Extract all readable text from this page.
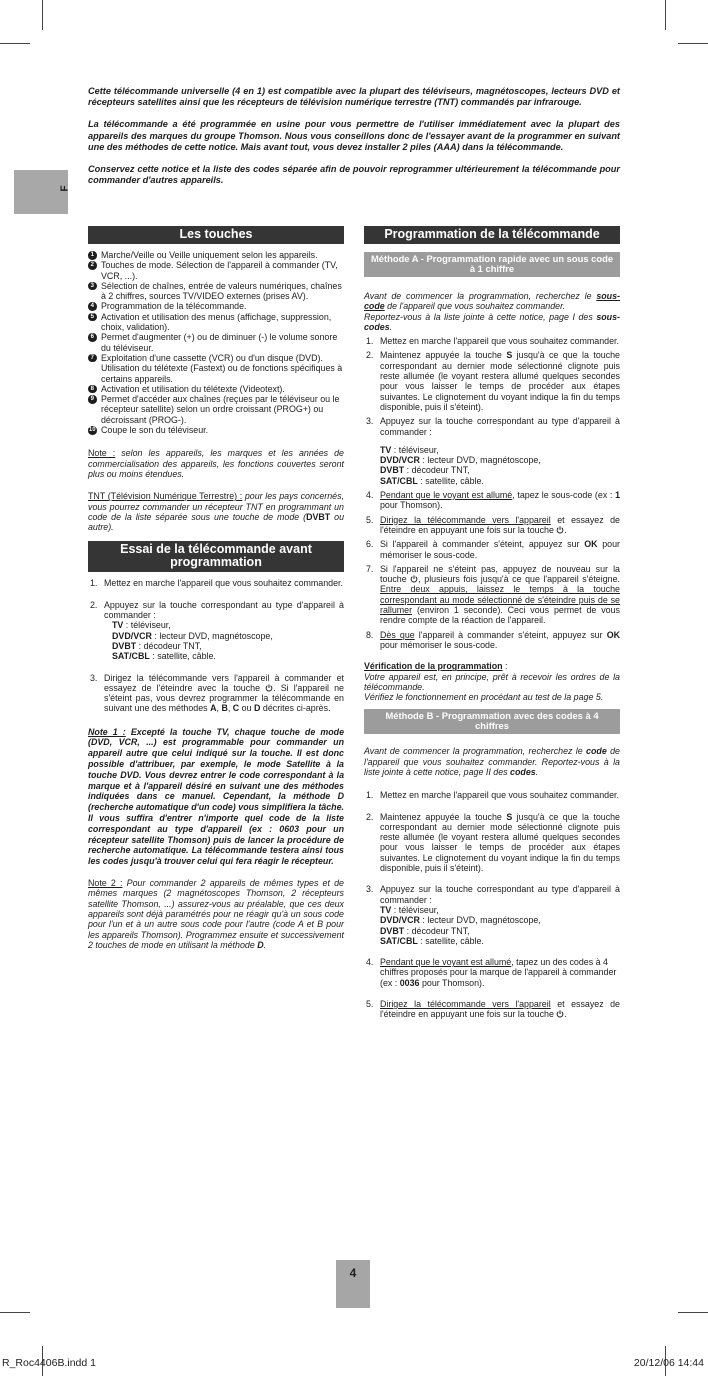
F

Cette télécommande universelle (4 en 1) est compatible avec la plupart des téléviseurs, magnétoscopes, lecteurs DVD et récepteurs satellites ainsi que les récepteurs de télévision numérique terrestre (TNT) commandés par infrarouge.

La télécommande a été programmée en usine pour vous permettre de l'utiliser immédiatement avec la plupart des appareils des marques du groupe Thomson. Nous vous conseillons donc de l'essayer avant de la programmer en suivant une des méthodes de cette notice. Mais avant tout, vous devez installer 2 piles (AAA) dans la télécommande.

Conservez cette notice et la liste des codes séparée afin de pouvoir reprogrammer ultérieurement la télécommande pour commander d'autres appareils.

Les touches
1 Marche/Veille ou Veille uniquement selon les appareils.
2 Touches de mode. Sélection de l'appareil à commander (TV, VCR, ...).
3 Sélection de chaînes, entrée de valeurs numériques, chaînes à 2 chiffres, sources TV/VIDEO externes (prises AV).
4 Programmation de la télécommande.
5 Activation et utilisation des menus (affichage, suppression, choix, validation).
6 Permet d'augmenter (+) ou de diminuer (-) le volume sonore du téléviseur.
7 Exploitation d'une cassette (VCR) ou d'un disque (DVD).
Utilisation du télétexte (Fastext) ou de fonctions spécifiques à certains appareils.
8 Activation et utilisation du télétexte (Videotext).
9 Permet d'accéder aux chaînes (reçues par le téléviseur ou le récepteur satellite) selon un ordre croissant (PROG+) ou décroissant (PROG-).
10 Coupe le son du téléviseur.

Note : selon les appareils, les marques et les années de commercialisation des appareils, les fonctions couvertes seront plus ou moins étendues.

TNT (Télévision Numérique Terrestre) : pour les pays concernés, vous pourrez commander un récepteur TNT en programmant un code de la liste séparée sous une touche de mode (DVBT ou autre).

Essai de la télécommande avant programmation
1. Mettez en marche l'appareil que vous souhaitez commander.
2. Appuyez sur la touche correspondant au type d'appareil à commander :
TV : téléviseur,
DVD/VCR : lecteur DVD, magnétoscope,
DVBT : décodeur TNT,
SAT/CBL : satellite, câble.
3. Dirigez la télécommande vers l'appareil à commander et essayez de l'éteindre avec la touche . Si l'appareil ne s'éteint pas, vous devrez programmer la télécommande en suivant une des méthodes A, B, C ou D décrites ci-après.

Note 1 : Excepté la touche TV, chaque touche de mode (DVD, VCR, ...) est programmable pour commander un appareil autre que celui indiqué sur la touche. Il est donc possible d'attribuer, par exemple, le mode Satellite à la touche DVD. Vous devrez entrer le code correspondant à la marque et à l'appareil désiré en suivant une des méthodes indiquées dans ce manuel. Cependant, la méthode D (recherche automatique d'un code) vous simplifiera la tâche. Il vous suffira d'entrer n'importe quel code de la liste correspondant au type d'appareil (ex : 0603 pour un récepteur satellite Thomson) puis de lancer la procédure de recherche automatique. La télécommande testera ainsi tous les codes jusqu'à trouver celui qui fera réagir le récepteur.

Note 2 : Pour commander 2 appareils de mêmes types et de mêmes marques (2 magnétoscopes Thomson, 2 récepteurs satellite Thomson, ...) assurez-vous au préalable, que ces deux appareils sont déjà paramétrés pour ne réagir qu'à un sous code pour l'un et à un autre sous code pour l'autre (code A et B pour les appareils Thomson). Programmez ensuite et successivement 2 touches de mode en utilisant la méthode D.

Programmation de la télécommande
Méthode A - Programmation rapide avec un sous code à 1 chiffre

Avant de commencer la programmation, recherchez le sous-code de l'appareil que vous souhaitez commander.
Reportez-vous à la liste jointe à cette notice, page I des sous-codes.

1. Mettez en marche l'appareil que vous souhaitez commander.
2. Maintenez appuyée la touche S jusqu'à ce que la touche correspondant au dernier mode sélectionné clignote puis reste allumée (le voyant restera allumé quelques secondes pour vous laisser le temps de procéder aux étapes suivantes. Le clignotement du voyant indique la fin du temps disponible, puis il s'éteint).
3. Appuyez sur la touche correspondant au type d'appareil à commander :
TV : téléviseur,
DVD/VCR : lecteur DVD, magnétoscope,
DVBT : décodeur TNT,
SAT/CBL : satellite, câble.
4. Pendant que le voyant est allumé, tapez le sous-code (ex : 1 pour Thomson).
5. Dirigez la télécommande vers l'appareil et essayez de l'éteindre en appuyant une fois sur la touche .
6. Si l'appareil à commander s'éteint, appuyez sur OK pour mémoriser le sous-code.
7. Si l'appareil ne s'éteint pas, appuyez de nouveau sur la touche , plusieurs fois jusqu'à ce que l'appareil s'éteigne. Entre deux appuis, laissez le temps à la touche correspondant au mode sélectionné de s'éteindre puis de se rallumer (environ 1 seconde). Ceci vous permet de vous rendre compte de la réaction de l'appareil.
8. Dès que l'appareil à commander s'éteint, appuyez sur OK pour mémoriser le sous-code.
Vérification de la programmation :

Votre appareil est, en principe, prêt à recevoir les ordres de la télécommande.

Vérifiez le fonctionnement en procédant au test de la page 5.

Méthode B - Programmation avec des codes à 4 chiffres

Avant de commencer la programmation, recherchez le code de l'appareil que vous souhaitez commander. Reportez-vous à la liste jointe à cette notice, page II des codes.

1. Mettez en marche l'appareil que vous souhaitez commander.
2. Maintenez appuyée la touche S jusqu'à ce que la touche correspondant au dernier mode sélectionné clignote puis reste allumée (le voyant restera allumé quelques secondes pour vous laisser le temps de procéder aux étapes suivantes. Le clignotement du voyant indique la fin du temps disponible, puis il s'éteint).
3. Appuyez sur la touche correspondant au type d'appareil à commander :
TV : téléviseur,
DVD/VCR : lecteur DVD, magnétoscope,
DVBT : décodeur TNT,
SAT/CBL : satellite, câble.
4. Pendant que le voyant est allumé, tapez un des codes à 4 chiffres proposés pour la marque de l'appareil à commander (ex : 0036 pour Thomson).
5. Dirigez la télécommande vers l'appareil et essayez de l'éteindre en appuyant une fois sur la touche .
4
R_Roc4406B.indd 1	20/12/06 14:44
